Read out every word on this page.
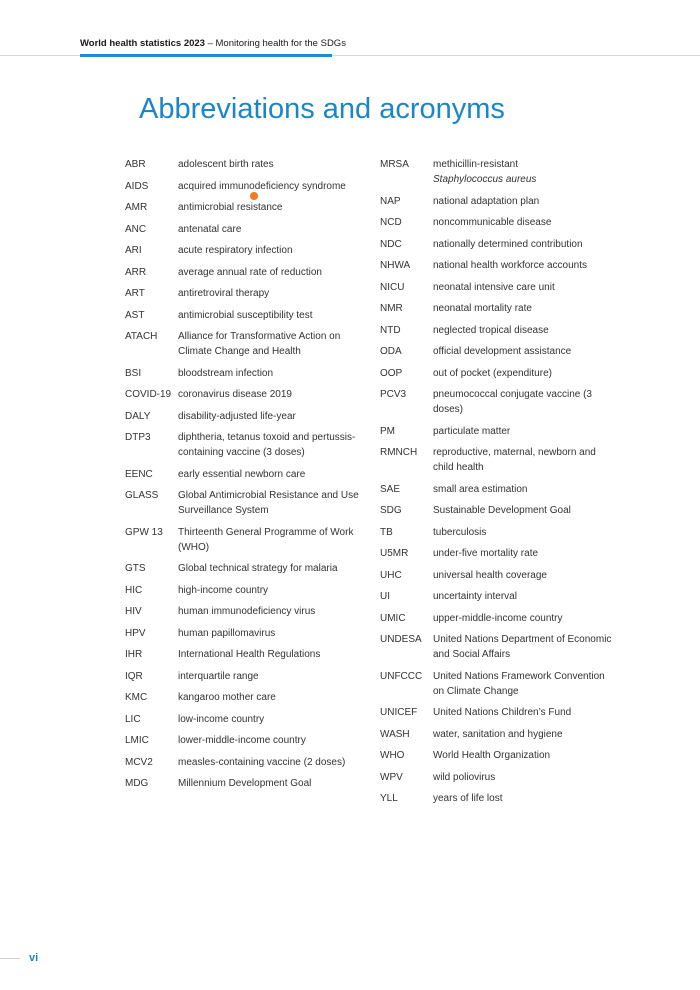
World health statistics 2023 – Monitoring health for the SDGs
Abbreviations and acronyms
ABR	adolescent birth rates
AIDS	acquired immunodeficiency syndrome
AMR	antimicrobial resistance
ANC	antenatal care
ARI	acute respiratory infection
ARR	average annual rate of reduction
ART	antiretroviral therapy
AST	antimicrobial susceptibility test
ATACH	Alliance for Transformative Action on Climate Change and Health
BSI	bloodstream infection
COVID-19 coronavirus disease 2019
DALY	disability-adjusted life-year
DTP3	diphtheria, tetanus toxoid and pertussis-containing vaccine (3 doses)
EENC	early essential newborn care
GLASS	Global Antimicrobial Resistance and Use Surveillance System
GPW 13	Thirteenth General Programme of Work (WHO)
GTS	Global technical strategy for malaria
HIC	high-income country
HIV	human immunodeficiency virus
HPV	human papillomavirus
IHR	International Health Regulations
IQR	interquartile range
KMC	kangaroo mother care
LIC	low-income country
LMIC	lower-middle-income country
MCV2	measles-containing vaccine (2 doses)
MDG	Millennium Development Goal
MRSA	methicillin-resistant
Staphylococcus aureus
NAP	national adaptation plan
NCD	noncommunicable disease
NDC	nationally determined contribution
NHWA	national health workforce accounts
NICU	neonatal intensive care unit
NMR	neonatal mortality rate
NTD	neglected tropical disease
ODA	official development assistance
OOP	out of pocket (expenditure)
PCV3	pneumococcal conjugate vaccine (3 doses)
PM	particulate matter
RMNCH	reproductive, maternal, newborn and child health
SAE	small area estimation
SDG	Sustainable Development Goal
TB	tuberculosis
U5MR	under-five mortality rate
UHC	universal health coverage
UI	uncertainty interval
UMIC	upper-middle-income country
UNDESA	United Nations Department of Economic and Social Affairs
UNFCCC	United Nations Framework Convention on Climate Change
UNICEF	United Nations Children’s Fund
WASH	water, sanitation and hygiene
WHO	World Health Organization
WPV	wild poliovirus
YLL	years of life lost
vi
